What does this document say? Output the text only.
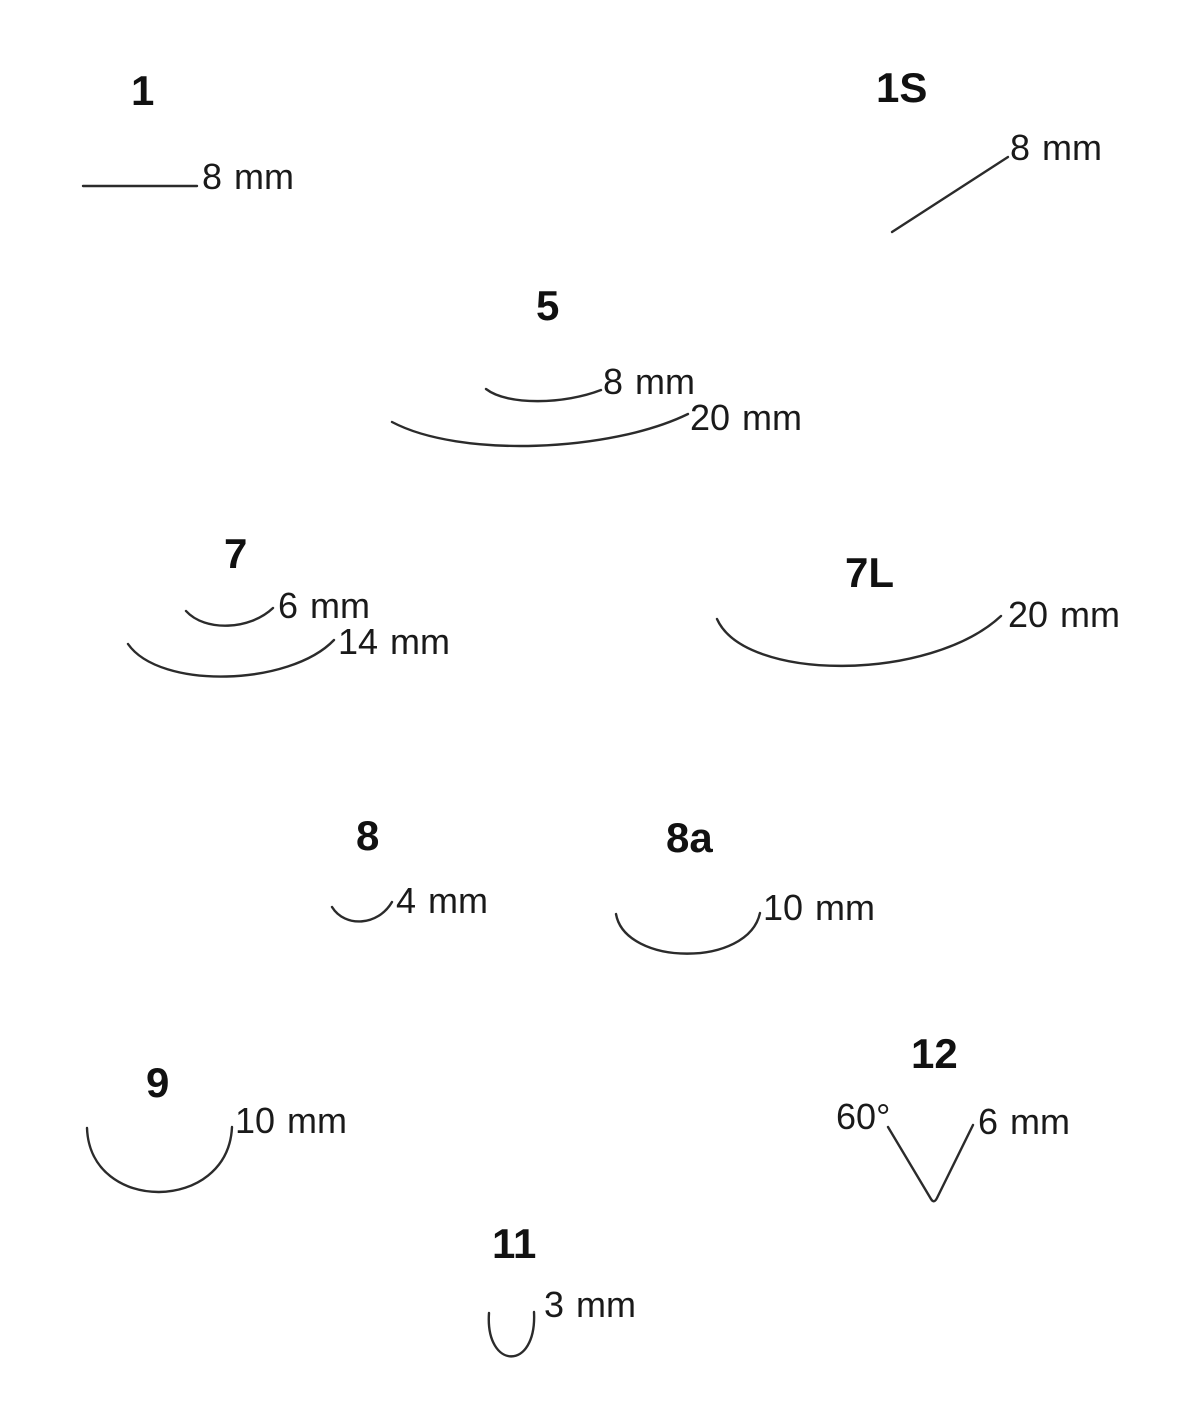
1	1S
5
7	7L
8	8a
9
12
11
8 mm
8 mm
8 mm
20 mm
6 mm
14 mm
20 mm
4 mm	10 mm
10 mm	60° 6 mm
3 mm
